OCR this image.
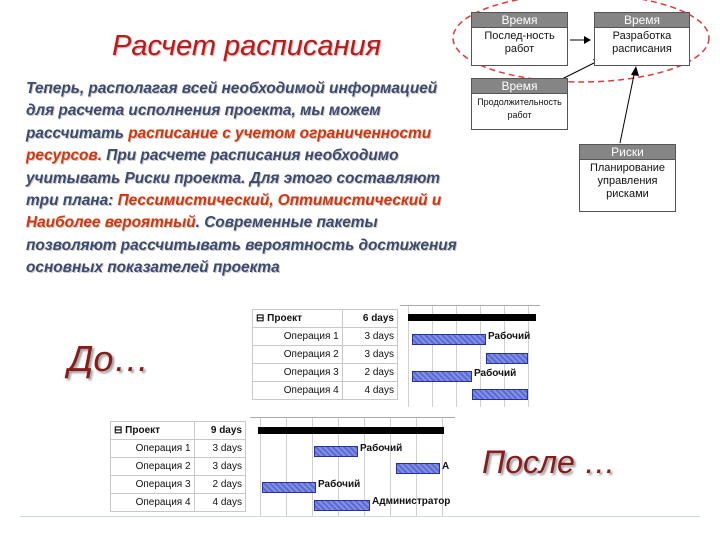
Расчет расписания
Теперь, располагая всей необходимой информацией для расчета исполнения проекта, мы можем рассчитать расписание с учетом ограниченности ресурсов. При расчете расписания необходимо учитывать Риски проекта. Для этого составляют три плана: Пессимистический, Оптимистический и Наиболее вероятный. Современные пакеты позволяют рассчитывать вероятность достижения основных показателей проекта
Время
Послед-ность работ
Время
Разработка расписания
Время
Продолжительность работ
Риски
Планирование управления рисками
До…
⊟ Проект	6 days
Операция 1	3 days
Операция 2	3 days
Операция 3	2 days
Операция 4	4 days
Рабочий
Рабочий
⊟ Проект	9 days
Операция 1	3 days
Операция 2	3 days
Операция 3	2 days
Операция 4	4 days
Рабочий
А
Рабочий
Администратор
После …
